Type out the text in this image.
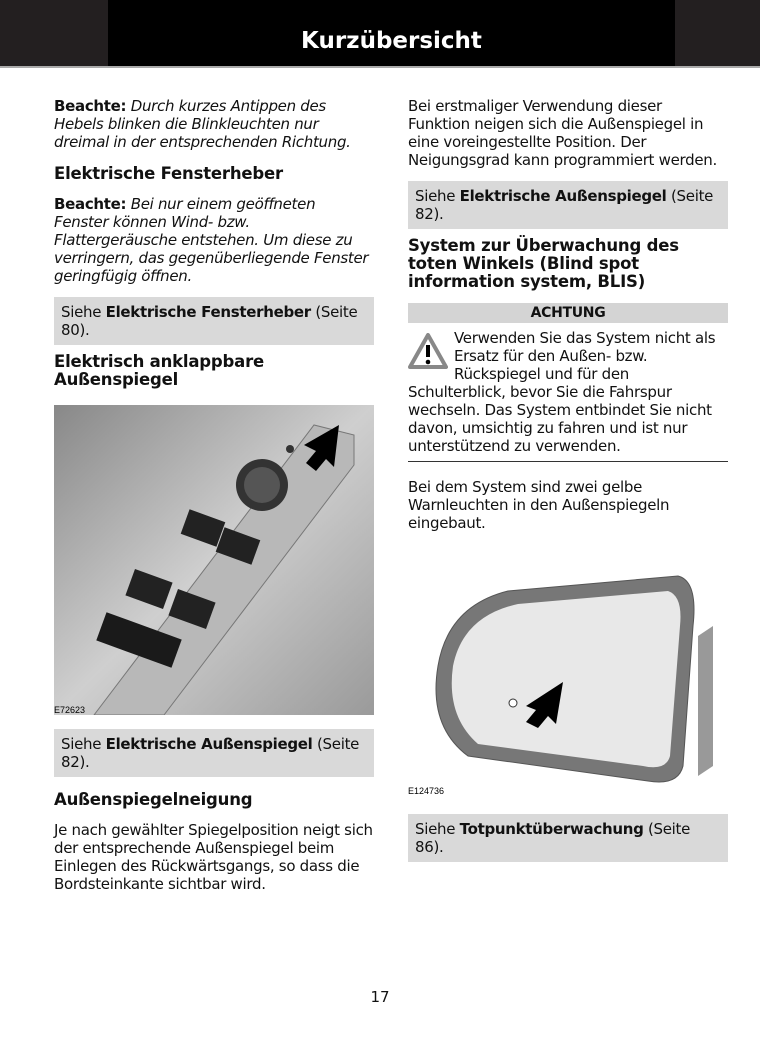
Kurzübersicht

Beachte: Durch kurzes Antippen des Hebels blinken die Blinkleuchten nur dreimal in der entsprechenden Richtung.

Elektrische Fensterheber

Beachte: Bei nur einem geöffneten Fenster können Wind- bzw. Flattergeräusche entstehen. Um diese zu verringern, das gegenüberliegende Fenster geringfügig öffnen.

Siehe Elektrische Fensterheber (Seite 80).
Elektrisch anklappbare Außenspiegel
E72623
Siehe Elektrische Außenspiegel (Seite 82).
Außenspiegelneigung

Je nach gewählter Spiegelposition neigt sich der entsprechende Außenspiegel beim Einlegen des Rückwärtsgangs, so dass die Bordsteinkante sichtbar wird.

Bei erstmaliger Verwendung dieser Funktion neigen sich die Außenspiegel in eine voreingestellte Position. Der Neigungsgrad kann programmiert werden.

Siehe Elektrische Außenspiegel (Seite 82).
System zur Überwachung des toten Winkels (Blind spot information system, BLIS)
ACHTUNG
Verwenden Sie das System nicht als Ersatz für den Außen- bzw. Rückspiegel und für den Schulterblick, bevor Sie die Fahrspur wechseln. Das System entbindet Sie nicht davon, umsichtig zu fahren und ist nur unterstützend zu verwenden.

Bei dem System sind zwei gelbe Warnleuchten in den Außenspiegeln eingebaut.

E124736
Siehe Totpunktüberwachung (Seite 86).
17
